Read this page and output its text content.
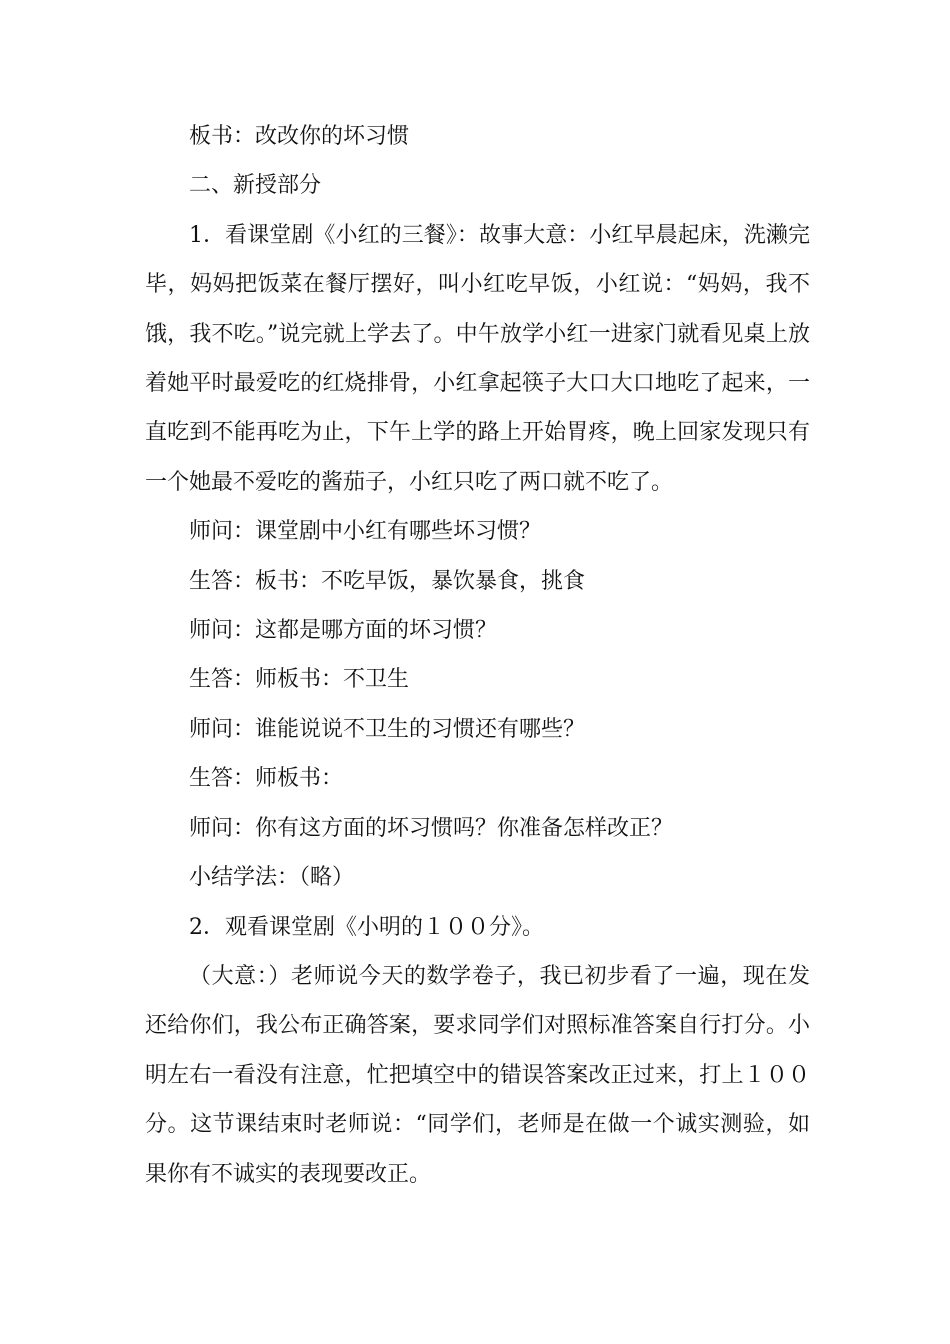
板书：改改你的坏习惯

二、新授部分

1．看课堂剧《小红的三餐》：故事大意：小红早晨起床，洗濑完毕，妈妈把饭菜在餐厅摆好，叫小红吃早饭，小红说：“妈妈，我不饿，我不吃。”说完就上学去了。中午放学小红一进家门就看见桌上放着她平时最爱吃的红烧排骨，小红拿起筷子大口大口地吃了起来，一直吃到不能再吃为止，下午上学的路上开始胃疼，晚上回家发现只有一个她最不爱吃的酱茄子，小红只吃了两口就不吃了。

师问：课堂剧中小红有哪些坏习惯？

生答：板书：不吃早饭，暴饮暴食，挑食

师问：这都是哪方面的坏习惯？

生答：师板书：不卫生

师问：谁能说说不卫生的习惯还有哪些？

生答：师板书：

师问：你有这方面的坏习惯吗？你准备怎样改正？

小结学法：（略）

2．观看课堂剧《小明的１００分》。

（大意：）老师说今天的数学卷子，我已初步看了一遍，现在发还给你们，我公布正确答案，要求同学们对照标准答案自行打分。小明左右一看没有注意，忙把填空中的错误答案改正过来，打上１００分。这节课结束时老师说：“同学们，老师是在做一个诚实测验，如果你有不诚实的表现要改正。
